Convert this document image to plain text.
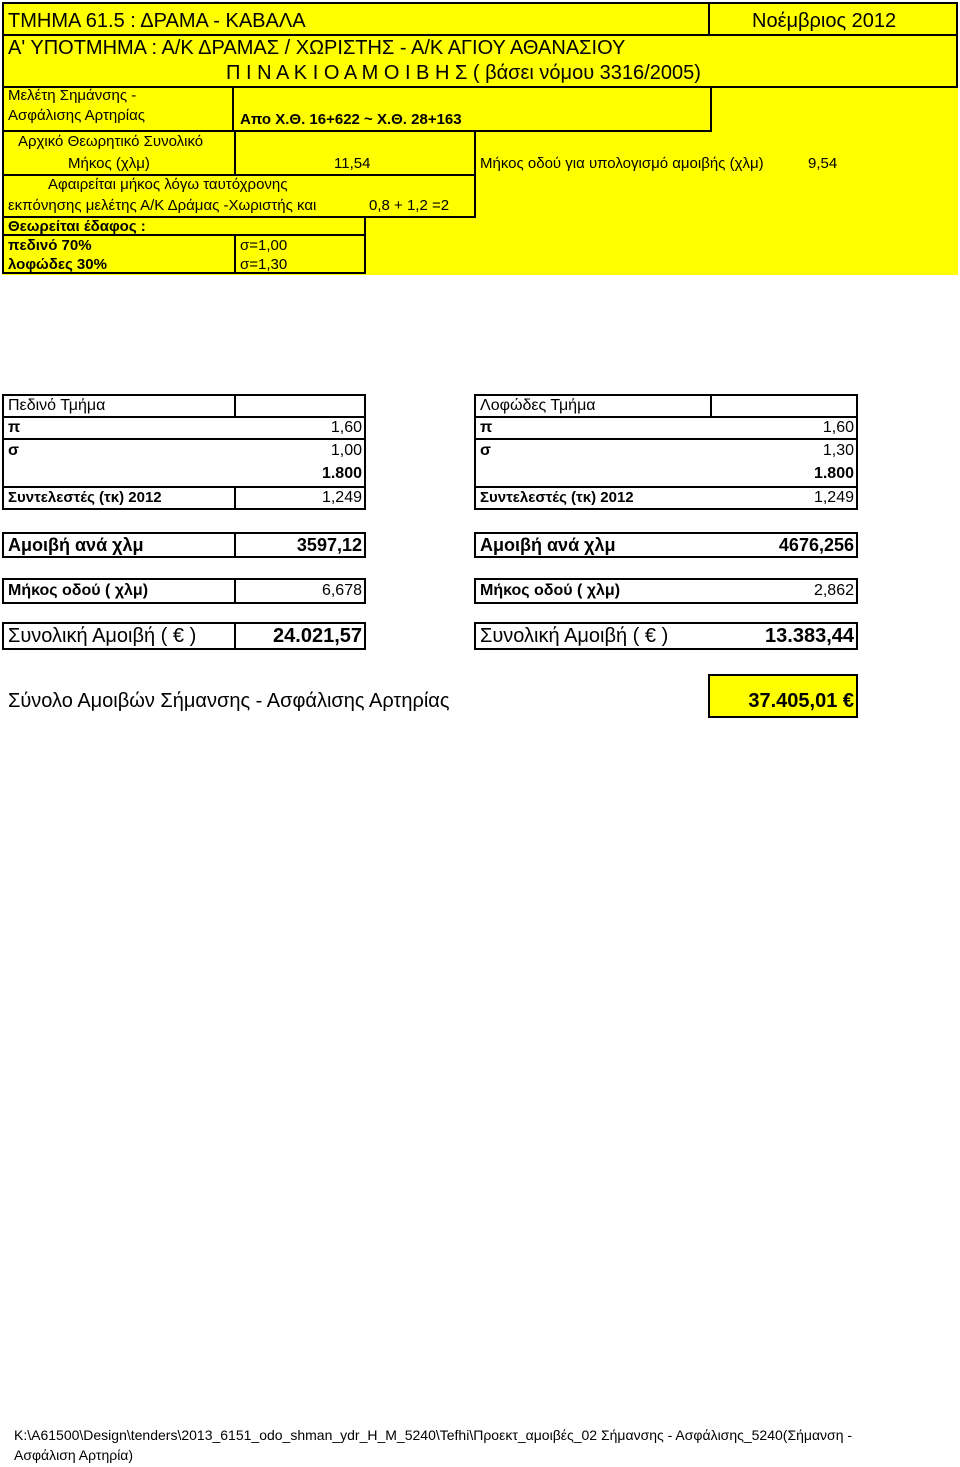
ΤΜΗΜΑ 61.5 : ΔΡΑΜΑ - ΚΑΒΑΛΑ	Νοέμβριος 2012
Α' ΥΠΟΤΜΗΜΑ : Α/Κ ΔΡΑΜΑΣ / ΧΩΡΙΣΤΗΣ - Α/Κ ΑΓΙΟΥ ΑΘΑΝΑΣΙΟΥ
Π Ι Ν Α Κ Ι Ο Α Μ Ο Ι Β Η Σ ( βάσει νόμου 3316/2005)
Μελέτη Σημάνσης -
Ασφάλισης Αρτηρίας	Απο Χ.Θ. 16+622 ~ Χ.Θ. 28+163
Αρχικό Θεωρητικό Συνολικό
Μήκος (χλμ)	11,54	Μήκος οδού για υπολογισμό αμοιβής (χλμ)	9,54
Αφαιρείται μήκος λόγω ταυτόχρονης
εκπόνησης μελέτης Α/Κ Δράμας -Χωριστής και	0,8 + 1,2 =2
Θεωρείται έδαφος :
πεδινό 70%	σ=1,00
λοφώδες 30%	σ=1,30
Πεδινό Τμήμα
π	1,60
σ	1,00
1.800
Συντελεστές (τκ) 2012	1,249
Αμοιβή ανά χλμ	3597,12
Μήκος οδού ( χλμ)	6,678
Συνολική Αμοιβή ( € )	24.021,57
Λοφώδες Τμήμα
π	1,60
σ	1,30
1.800
Συντελεστές (τκ) 2012	1,249
Αμοιβή ανά χλμ	4676,256
Μήκος οδού ( χλμ)	2,862
Συνολική Αμοιβή ( € )	13.383,44
Σύνολο Αμοιβών Σήμανσης - Ασφάλισης Αρτηρίας	37.405,01 €
K:\A61500\Design\tenders\2013_6151_odo_shman_ydr_H_M_5240\Tefhi\Προεκτ_αμοιβές_02 Σήμανσης - Ασφάλισης_5240(Σήμανση -
Ασφάλιση Αρτηρία)
